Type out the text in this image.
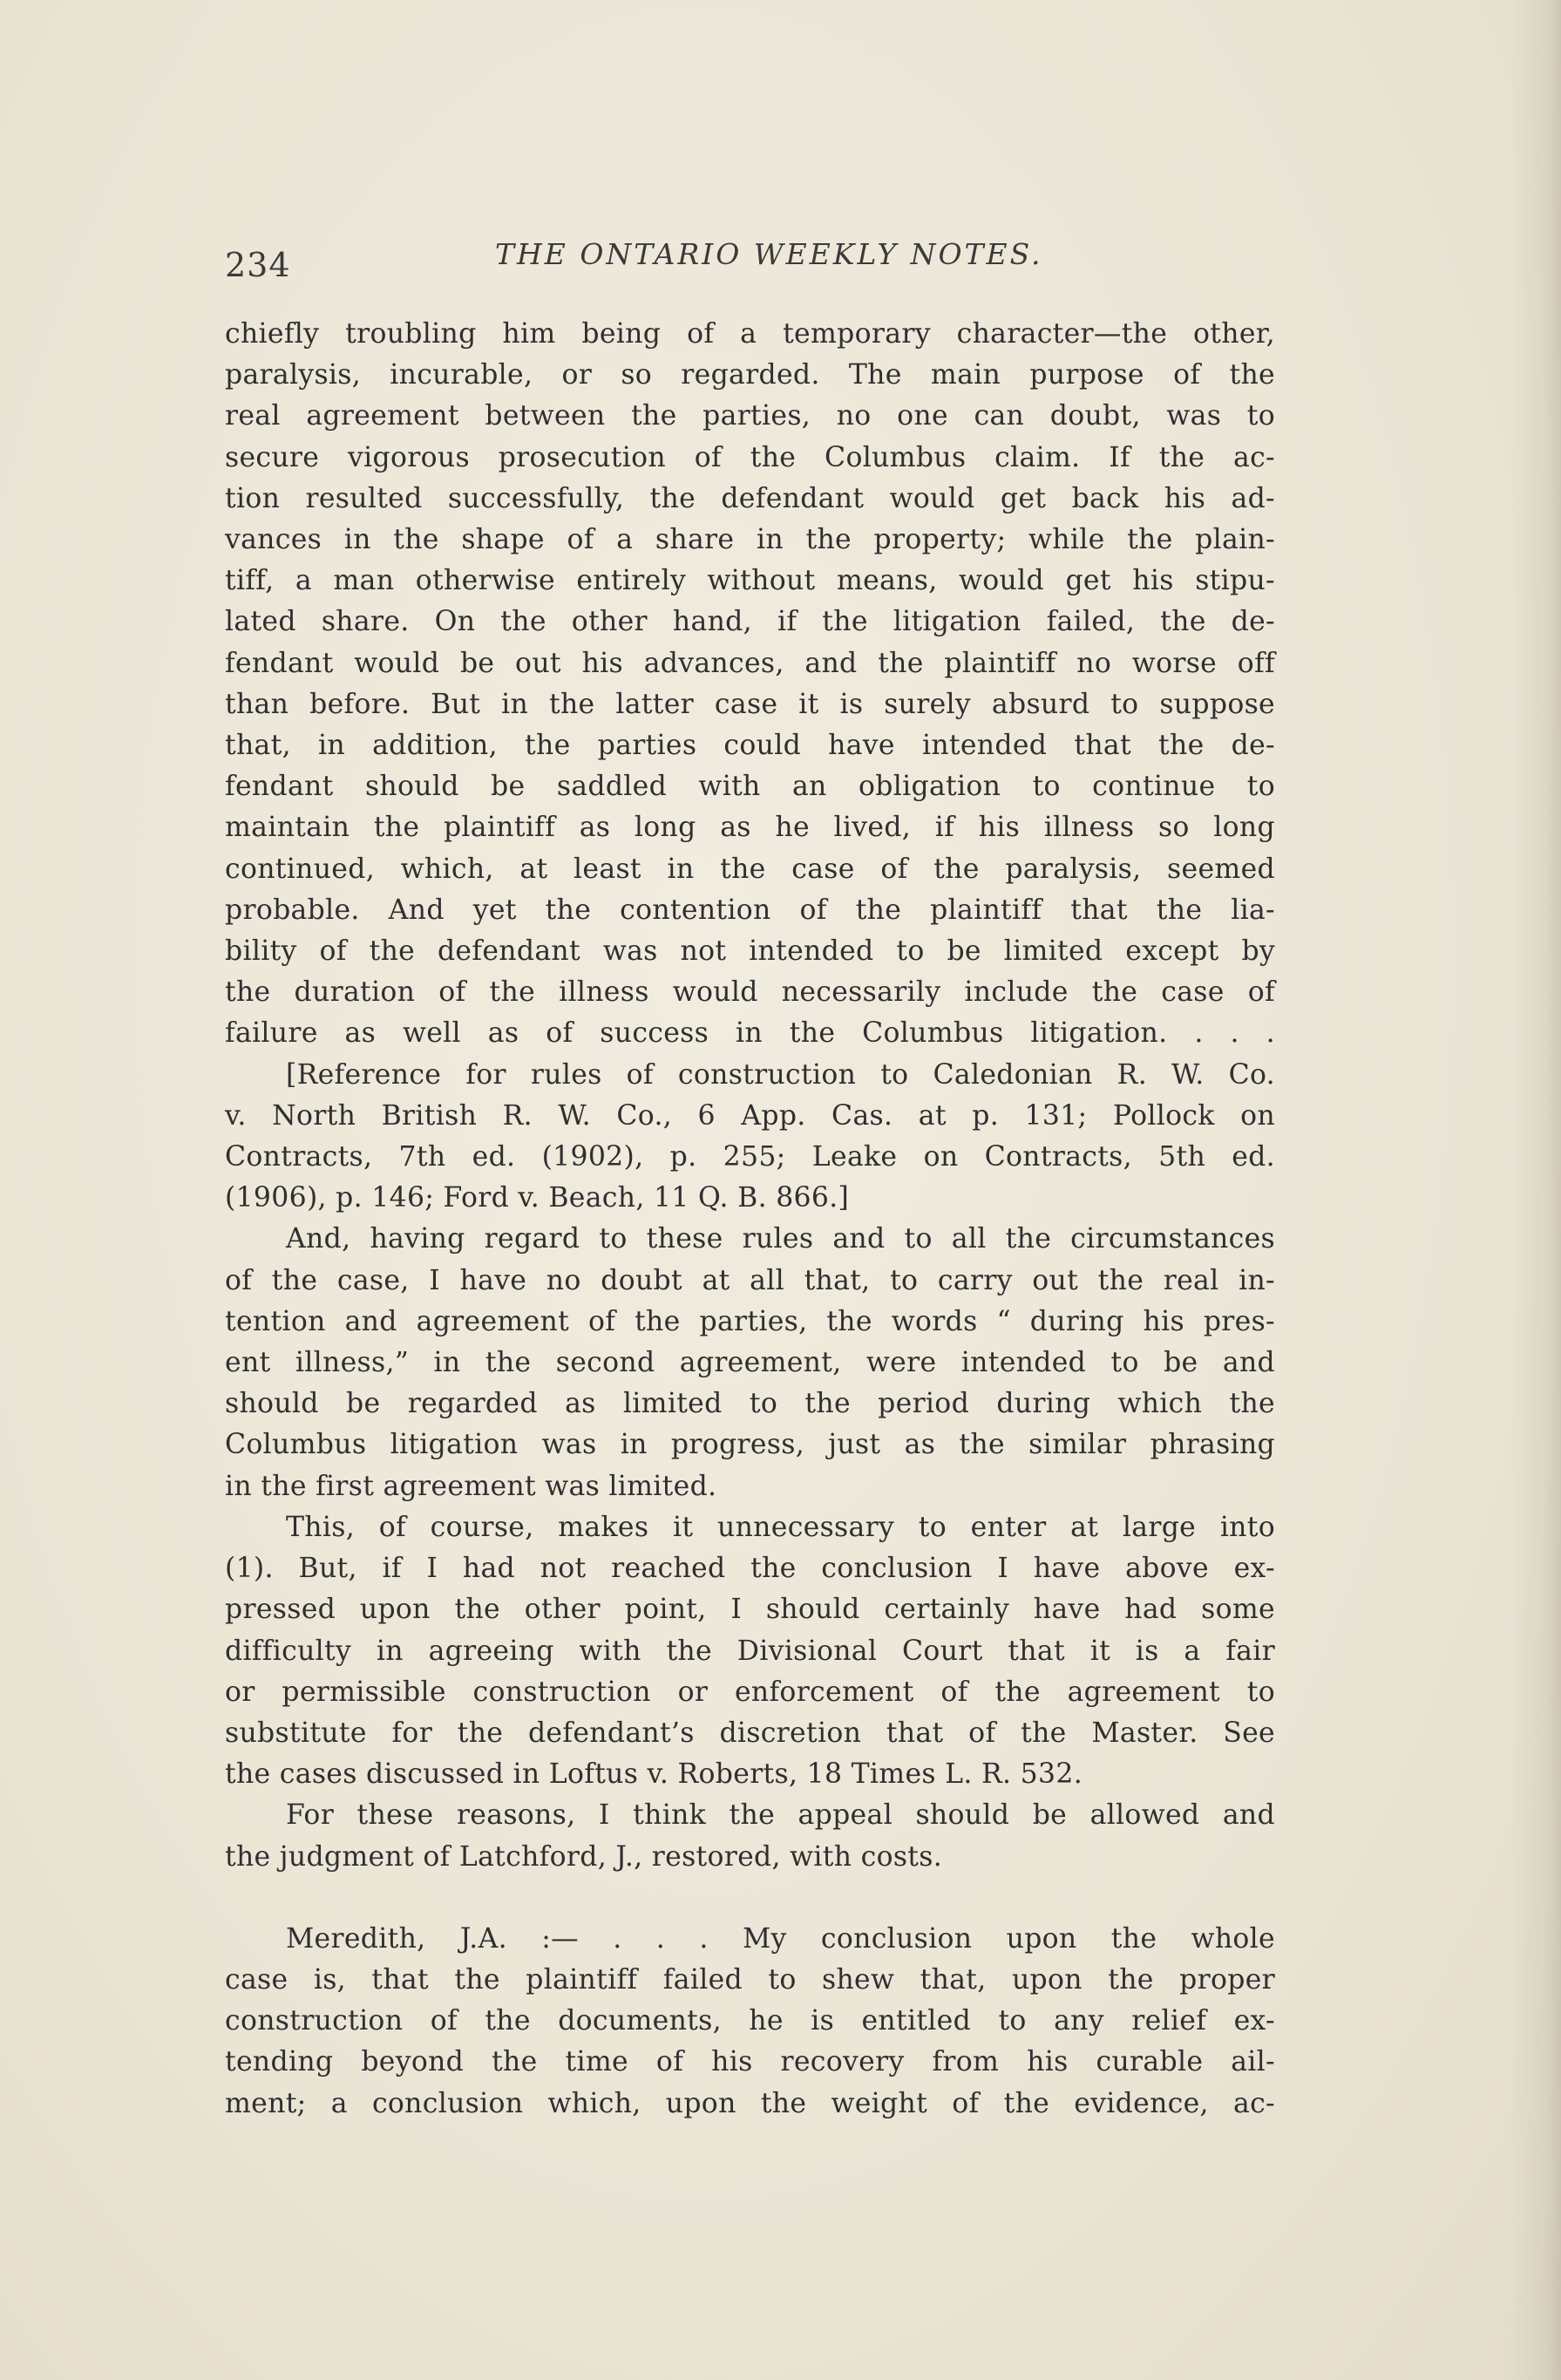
234	THE ONTARIO WEEKLY NOTES.

chiefly troubling him being of a temporary character—the other,
paralysis, incurable, or so regarded. The main purpose of the
real agreement between the parties, no one can doubt, was to
secure vigorous prosecution of the Columbus claim. If the ac-
tion resulted successfully, the defendant would get back his ad-
vances in the shape of a share in the property; while the plain-
tiff, a man otherwise entirely without means, would get his stipu-
lated share. On the other hand, if the litigation failed, the de-
fendant would be out his advances, and the plaintiff no worse off
than before. But in the latter case it is surely absurd to suppose
that, in addition, the parties could have intended that the de-
fendant should be saddled with an obligation to continue to
maintain the plaintiff as long as he lived, if his illness so long
continued, which, at least in the case of the paralysis, seemed
probable. And yet the contention of the plaintiff that the lia-
bility of the defendant was not intended to be limited except by
the duration of the illness would necessarily include the case of
failure as well as of success in the Columbus litigation. . . .

[Reference for rules of construction to Caledonian R. W. Co.
v. North British R. W. Co., 6 App. Cas. at p. 131; Pollock on
Contracts, 7th ed. (1902), p. 255; Leake on Contracts, 5th ed.
(1906), p. 146; Ford v. Beach, 11 Q. B. 866.]

And, having regard to these rules and to all the circumstances
of the case, I have no doubt at all that, to carry out the real in-
tention and agreement of the parties, the words “ during his pres-
ent illness,” in the second agreement, were intended to be and
should be regarded as limited to the period during which the
Columbus litigation was in progress, just as the similar phrasing
in the first agreement was limited.

This, of course, makes it unnecessary to enter at large into
(1). But, if I had not reached the conclusion I have above ex-
pressed upon the other point, I should certainly have had some
difficulty in agreeing with the Divisional Court that it is a fair
or permissible construction or enforcement of the agreement to
substitute for the defendant’s discretion that of the Master. See
the cases discussed in Loftus v. Roberts, 18 Times L. R. 532.

For these reasons, I think the appeal should be allowed and
the judgment of Latchford, J., restored, with costs.

Meredith, J.A. :— . . . My conclusion upon the whole
case is, that the plaintiff failed to shew that, upon the proper
construction of the documents, he is entitled to any relief ex-
tending beyond the time of his recovery from his curable ail-
ment; a conclusion which, upon the weight of the evidence, ac-
